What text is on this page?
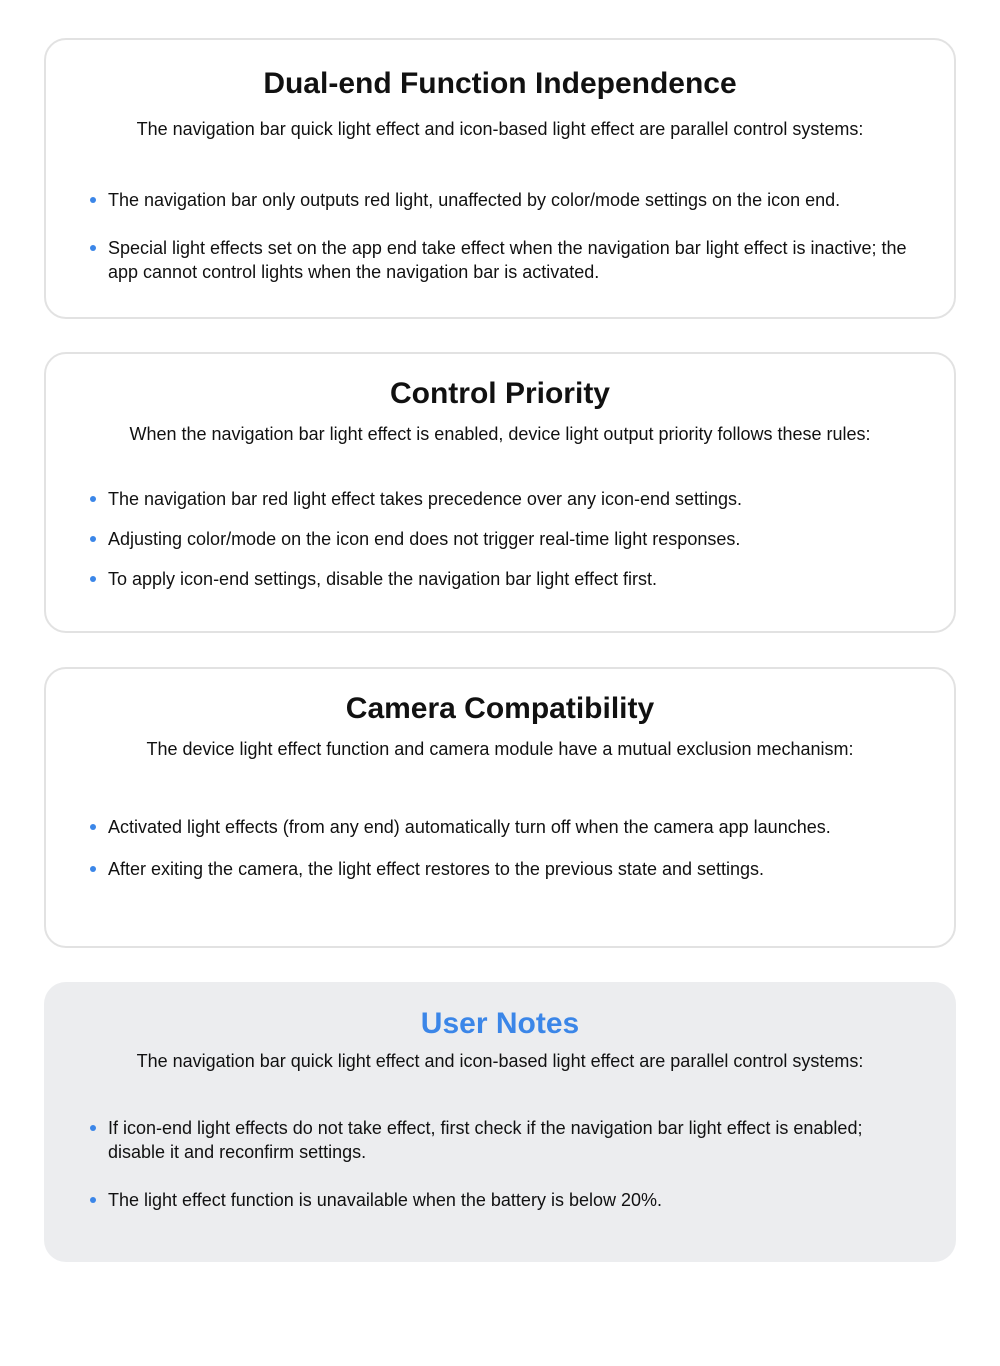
Dual-end Function Independence

The navigation bar quick light effect and icon-based light effect are parallel control systems:

The navigation bar only outputs red light, unaffected by color/mode settings on the icon end.
Special light effects set on the app end take effect when the navigation bar light effect is inactive; the app cannot control lights when the navigation bar is activated.
Control Priority

When the navigation bar light effect is enabled, device light output priority follows these rules:

The navigation bar red light effect takes precedence over any icon-end settings.
Adjusting color/mode on the icon end does not trigger real-time light responses.
To apply icon-end settings, disable the navigation bar light effect first.
Camera Compatibility

The device light effect function and camera module have a mutual exclusion mechanism:

Activated light effects (from any end) automatically turn off when the camera app launches.
After exiting the camera, the light effect restores to the previous state and settings.
User Notes

The navigation bar quick light effect and icon-based light effect are parallel control systems:

If icon-end light effects do not take effect, first check if the navigation bar light effect is enabled; disable it and reconfirm settings.
The light effect function is unavailable when the battery is below 20%.
